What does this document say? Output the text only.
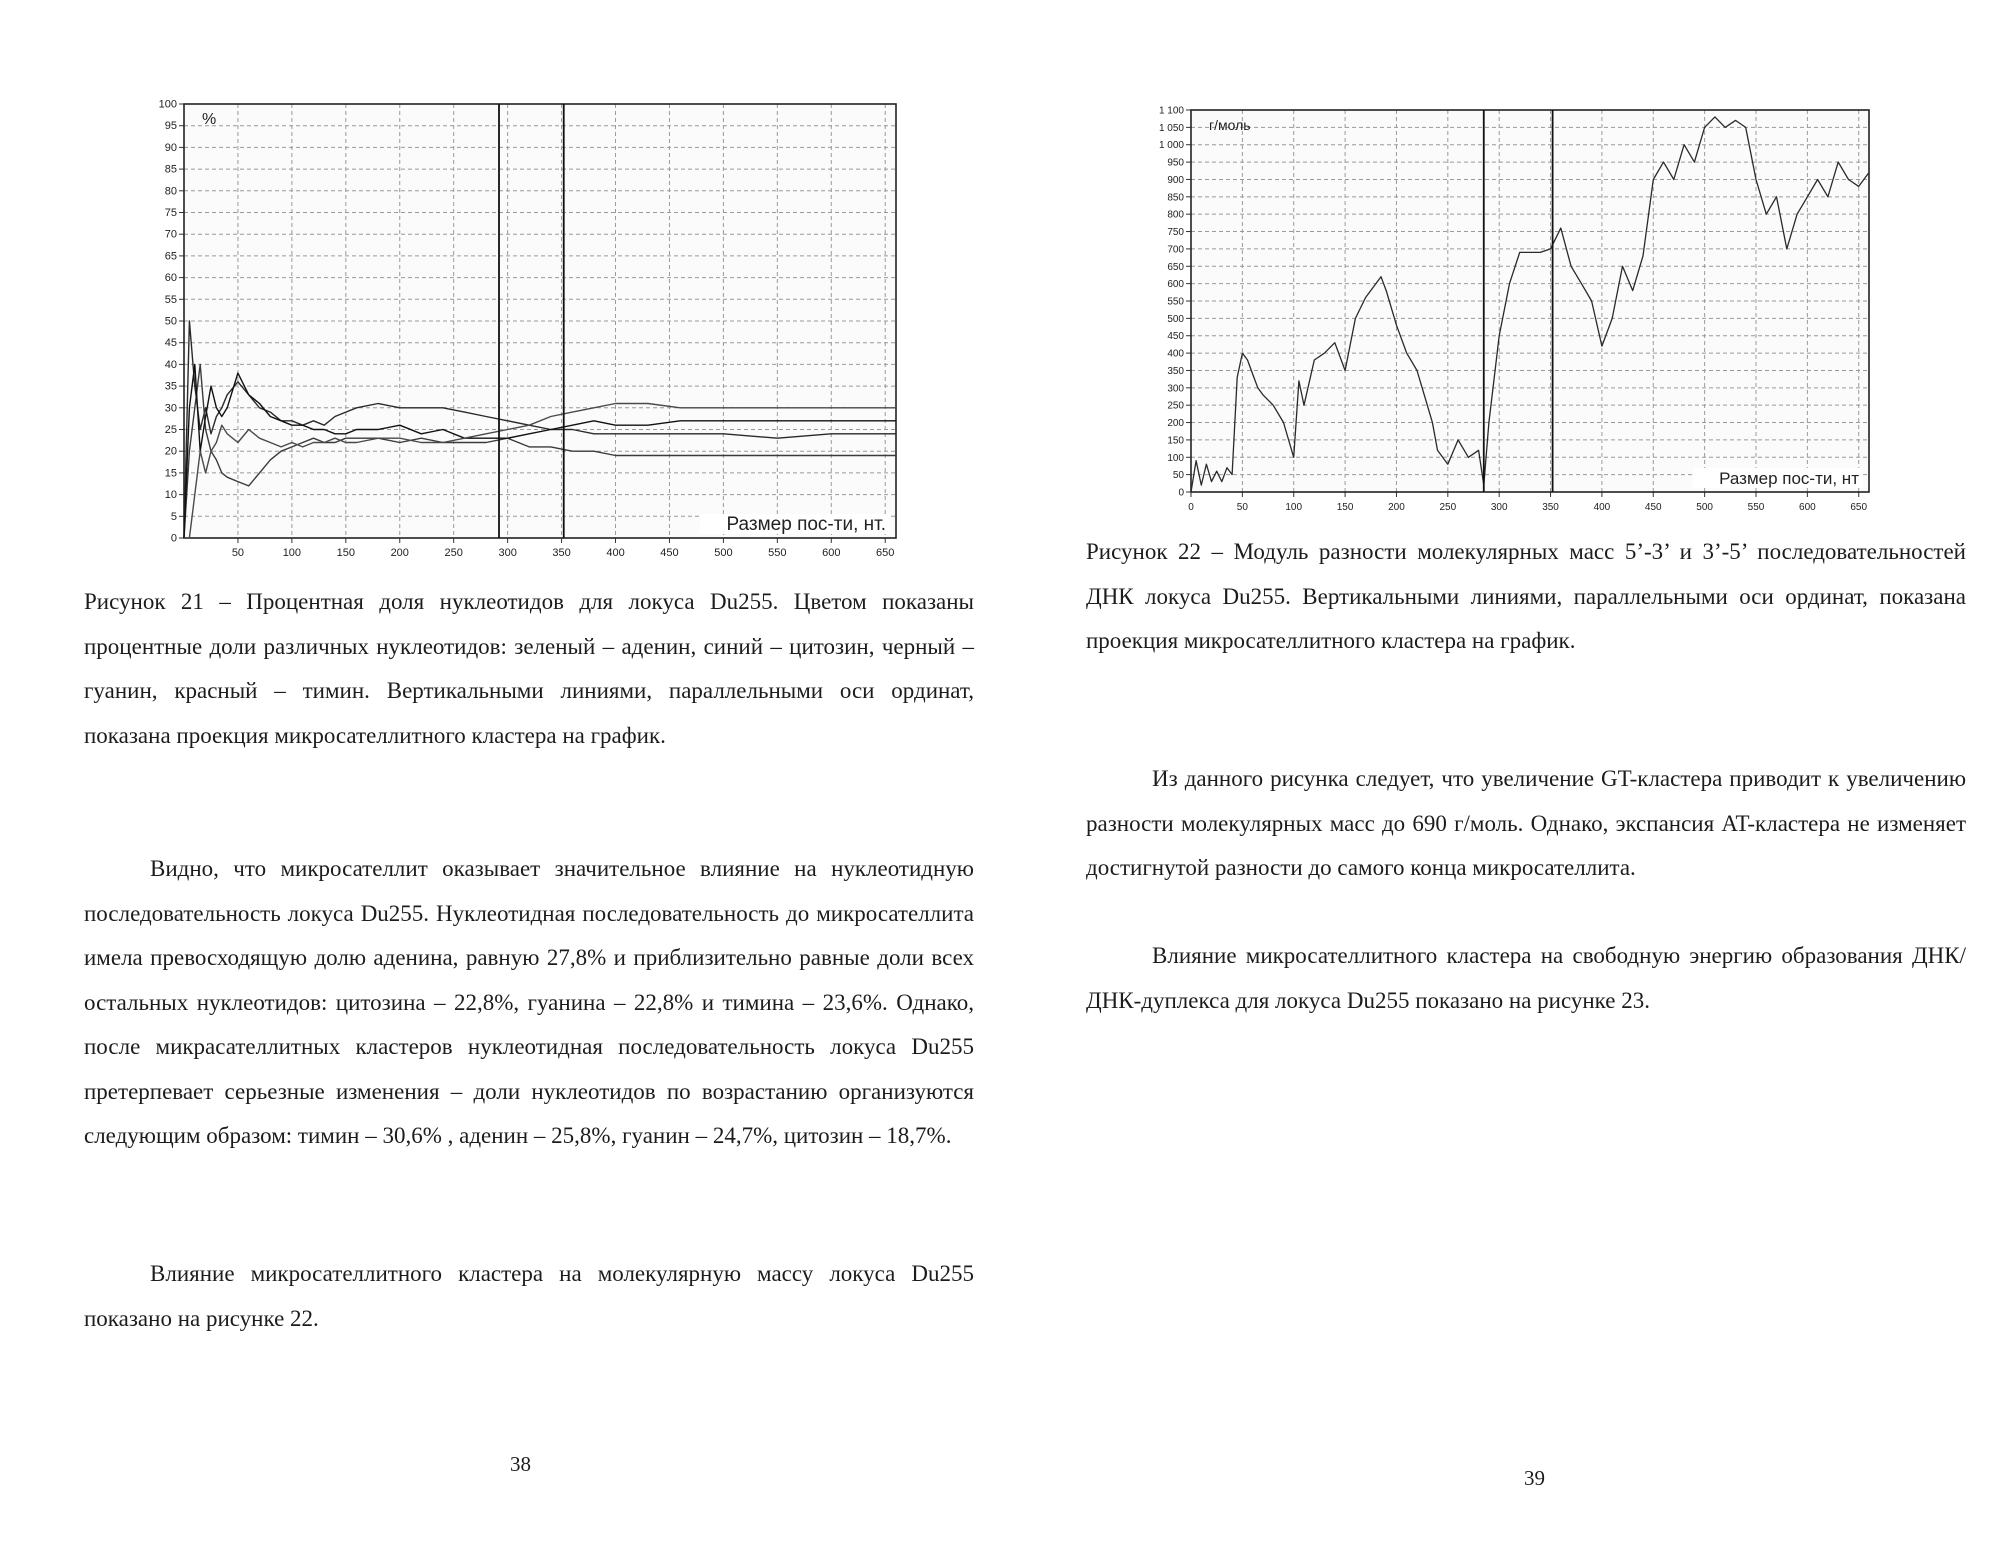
0
5
10
15
20
25
30
35
40
45
50
55
60
65
70
75
80
85
90
95
100
50	100	150	200	250	300	350	400	450	500	550	600	650
%
Размер пос-ти, нт.

Рисунок 21 – Процентная доля нуклеотидов для локуса Du255. Цветом показаны процентные доли различных нуклеотидов: зеленый – аденин, синий – цитозин, черный – гуанин, красный – тимин. Вертикальными линиями, параллельными оси ординат, показана проекция микросателлитного кластера на график.

Видно, что микросателлит оказывает значительное влияние на нуклеотидную последовательность локуса Du255. Нуклеотидная последовательность до микросателлита имела превосходящую долю аденина, равную 27,8% и приблизительно равные доли всех остальных нуклеотидов: цитозина – 22,8%, гуанина – 22,8% и тимина – 23,6%. Однако, после микрасателлитных кластеров нуклеотидная последовательность локуса Du255 претерпевает серьезные изменения – доли нуклеотидов по возрастанию организуются следующим образом: тимин – 30,6% , аденин – 25,8%, гуанин – 24,7%, цитозин – 18,7%.

Влияние микросателлитного кластера на молекулярную массу локуса Du255 показано на рисунке 22.

38

0
50
100
150
200
250
300
350
400
450
500
550
600
650
700
750
800
850
900
950
1 000
1 050
1 100
0	50	100	150	200	250	300	350	400	450	500	550	600	650
г/моль
Размер пос-ти, нт

Рисунок 22 – Модуль разности молекулярных масс 5’-3’ и 3’-5’ последовательностей ДНК локуса Du255. Вертикальными линиями, параллельными оси ординат, показана проекция микросателлитного кластера на график.

Из данного рисунка следует, что увеличение GT-кластера приводит к увеличению разности молекулярных масс до 690 г/моль. Однако, экспансия AT-кластера не изменяет достигнутой разности до самого конца микросателлита.

Влияние микросателлитного кластера на свободную энергию образования ДНК/ДНК-дуплекса для локуса Du255 показано на рисунке 23.

39
